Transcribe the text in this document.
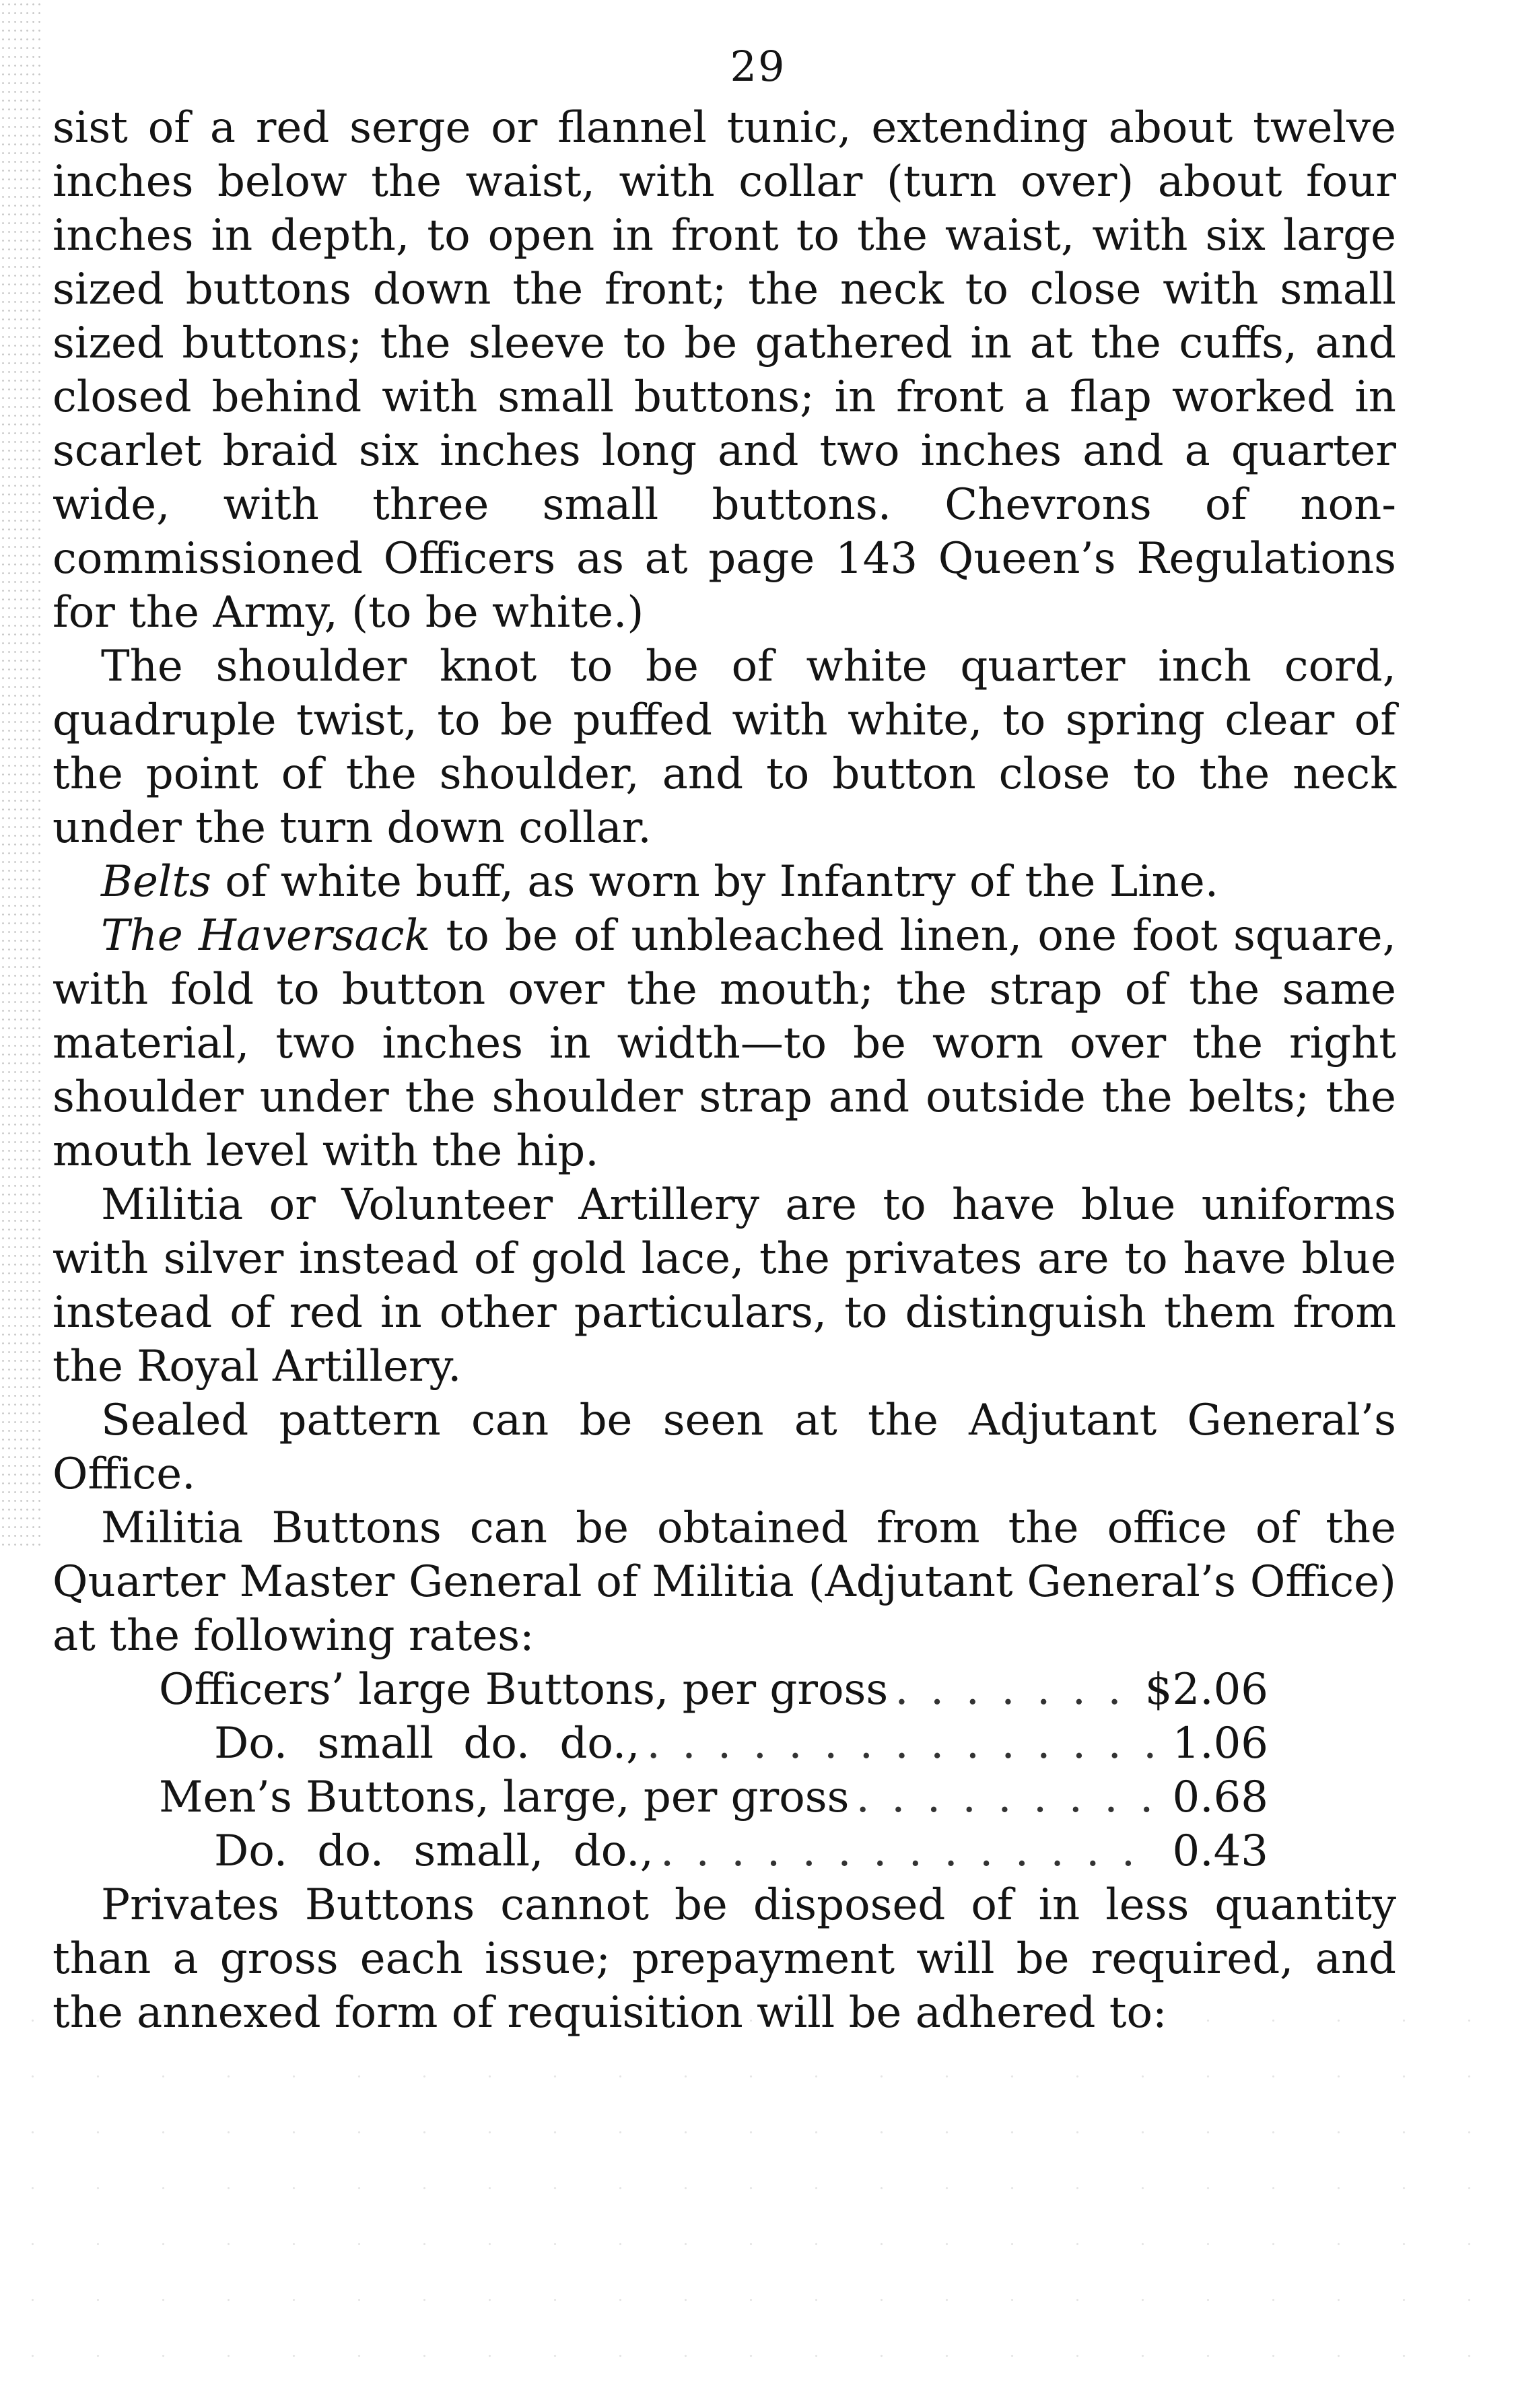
29

sist of a red serge or flannel tunic, extending about twelve inches below the waist, with collar (turn over) about four inches in depth, to open in front to the waist, with six large sized buttons down the front; the neck to close with small sized buttons; the sleeve to be gathered in at the cuffs, and closed behind with small buttons; in front a flap worked in scarlet braid six inches long and two inches and a quarter wide, with three small buttons. Chevrons of non-commissioned Officers as at page 143 Queen’s Regulations for the Army, (to be white.)

The shoulder knot to be of white quarter inch cord, quadruple twist, to be puffed with white, to spring clear of the point of the shoulder, and to button close to the neck under the turn down collar.

Belts of white buff, as worn by Infantry of the Line.

The Haversack to be of unbleached linen, one foot square, with fold to button over the mouth; the strap of the same material, two inches in width—to be worn over the right shoulder under the shoulder strap and outside the belts; the mouth level with the hip.

Militia or Volunteer Artillery are to have blue uniforms with silver instead of gold lace, the privates are to have blue instead of red in other particulars, to distinguish them from the Royal Artillery.

Sealed pattern can be seen at the Adjutant General’s Office.

Militia Buttons can be obtained from the office of the Quarter Master General of Militia (Adjutant General’s Office) at the following rates:

Officers’ large Buttons, per gross . . .	$2.06
Do. small do. do., . . .	1.06
Men’s Buttons, large, per gross . . .	0.68
Do. do. small, do., . . .	0.43

Privates Buttons cannot be disposed of in less quantity than a gross each issue; prepayment will be required, and the annexed form of requisition will be adhered to:
